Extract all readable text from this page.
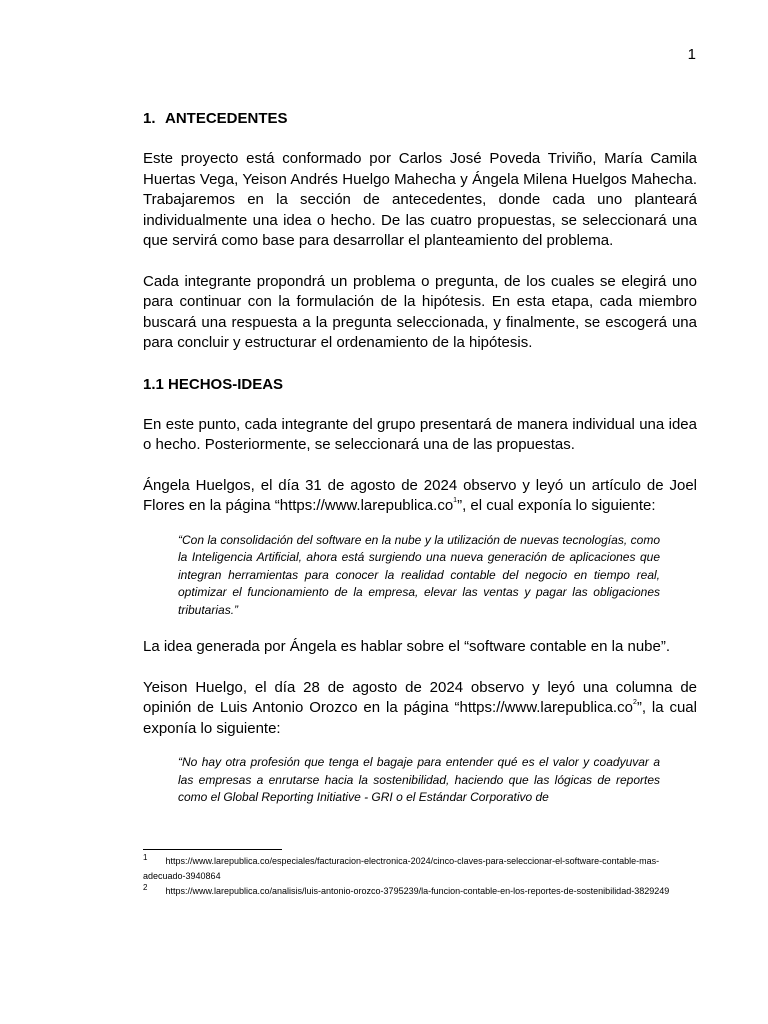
1
1. ANTECEDENTES

Este proyecto está conformado por Carlos José Poveda Triviño, María Camila Huertas Vega, Yeison Andrés Huelgo Mahecha y Ángela Milena Huelgos Mahecha. Trabajaremos en la sección de antecedentes, donde cada uno planteará individualmente una idea o hecho. De las cuatro propuestas, se seleccionará una que servirá como base para desarrollar el planteamiento del problema.

Cada integrante propondrá un problema o pregunta, de los cuales se elegirá uno para continuar con la formulación de la hipótesis. En esta etapa, cada miembro buscará una respuesta a la pregunta seleccionada, y finalmente, se escogerá una para concluir y estructurar el ordenamiento de la hipótesis.

1.1 HECHOS-IDEAS

En este punto, cada integrante del grupo presentará de manera individual una idea o hecho. Posteriormente, se seleccionará una de las propuestas.

Ángela Huelgos, el día 31 de agosto de 2024 observo y leyó un artículo de Joel Flores en la página “https://www.larepublica.co$^1$”, el cual exponía lo siguiente:

“Con la consolidación del software en la nube y la utilización de nuevas tecnologías, como la Inteligencia Artificial, ahora está surgiendo una nueva generación de aplicaciones que integran herramientas para conocer la realidad contable del negocio en tiempo real, optimizar el funcionamiento de la empresa, elevar las ventas y pagar las obligaciones tributarias.”

La idea generada por Ángela es hablar sobre el “software contable en la nube”.

Yeison Huelgo, el día 28 de agosto de 2024 observo y leyó una columna de opinión de Luis Antonio Orozco en la página “https://www.larepublica.co$^2$”, la cual exponía lo siguiente:

“No hay otra profesión que tenga el bagaje para entender qué es el valor y coadyuvar a las empresas a enrutarse hacia la sostenibilidad, haciendo que las lógicas de reportes como el Global Reporting Initiative - GRI o el Estándar Corporativo de

$^1$ https://www.larepublica.co/especiales/facturacion-electronica-2024/cinco-claves-para-seleccionar-el-software-contable-mas-adecuado-3940864

$^2$ https://www.larepublica.co/analisis/luis-antonio-orozco-3795239/la-funcion-contable-en-los-reportes-de-sostenibilidad-3829249
